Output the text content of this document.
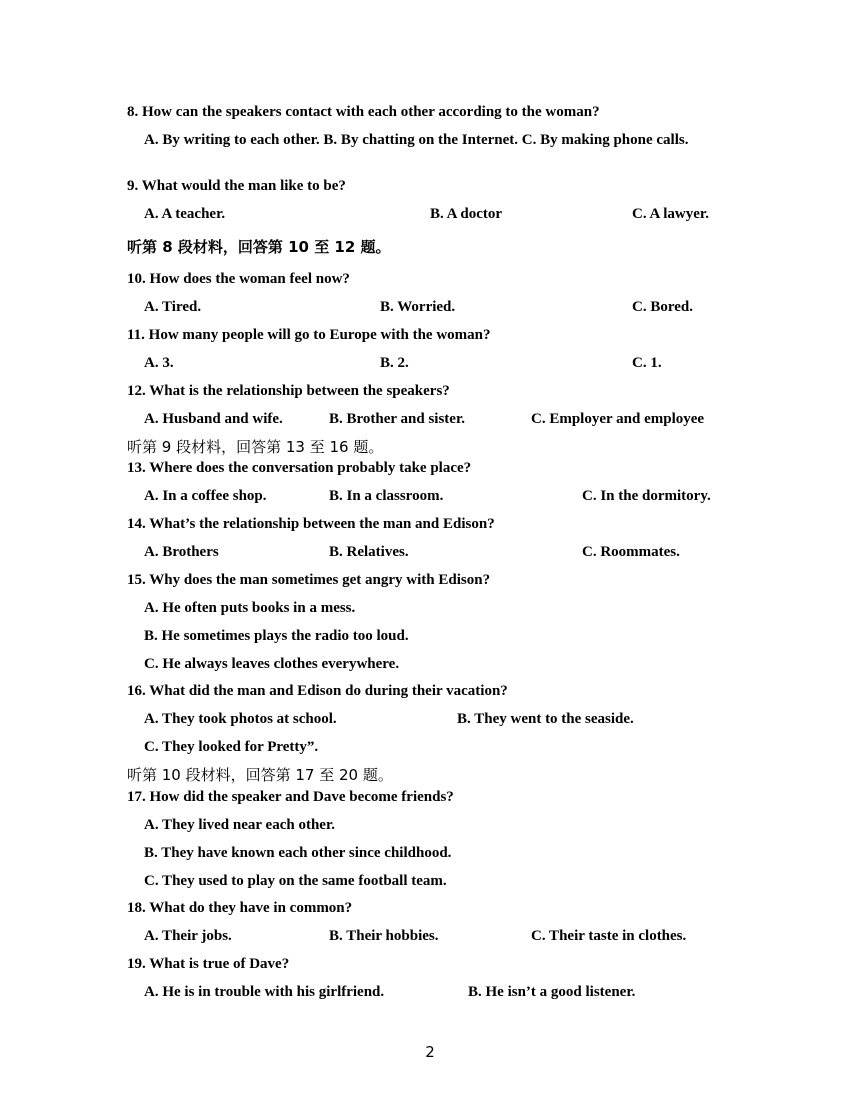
8. How can the speakers contact with each other according to the woman?
A. By writing to each other. B. By chatting on the Internet. C. By making phone calls.
9. What would the man like to be?
A. A teacher.	B. A doctor	C. A lawyer.
听第 8 段材料，回答第 10 至 12 题。
10. How does the woman feel now?
A. Tired.	B. Worried.	C. Bored.
11. How many people will go to Europe with the woman?
A. 3.	B. 2.	C. 1.
12. What is the relationship between the speakers?
A. Husband and wife.	B. Brother and sister.	C. Employer and employee
听第 9 段材料，回答第 13 至 16 题。
13. Where does the conversation probably take place?
A. In a coffee shop.	B. In a classroom.	C. In the dormitory.
14. What’s the relationship between the man and Edison?
A. Brothers	B. Relatives.	C. Roommates.
15. Why does the man sometimes get angry with Edison?
A. He often puts books in a mess.
B. He sometimes plays the radio too loud.
C. He always leaves clothes everywhere.
16. What did the man and Edison do during their vacation?
A. They took photos at school.	B. They went to the seaside.
C. They looked for Pretty”.
听第 10 段材料，回答第 17 至 20 题。
17. How did the speaker and Dave become friends?
A. They lived near each other.
B. They have known each other since childhood.
C. They used to play on the same football team.
18. What do they have in common?
A. Their jobs.	B. Their hobbies.	C. Their taste in clothes.
19. What is true of Dave?
A. He is in trouble with his girlfriend.	B. He isn’t a good listener.
2
